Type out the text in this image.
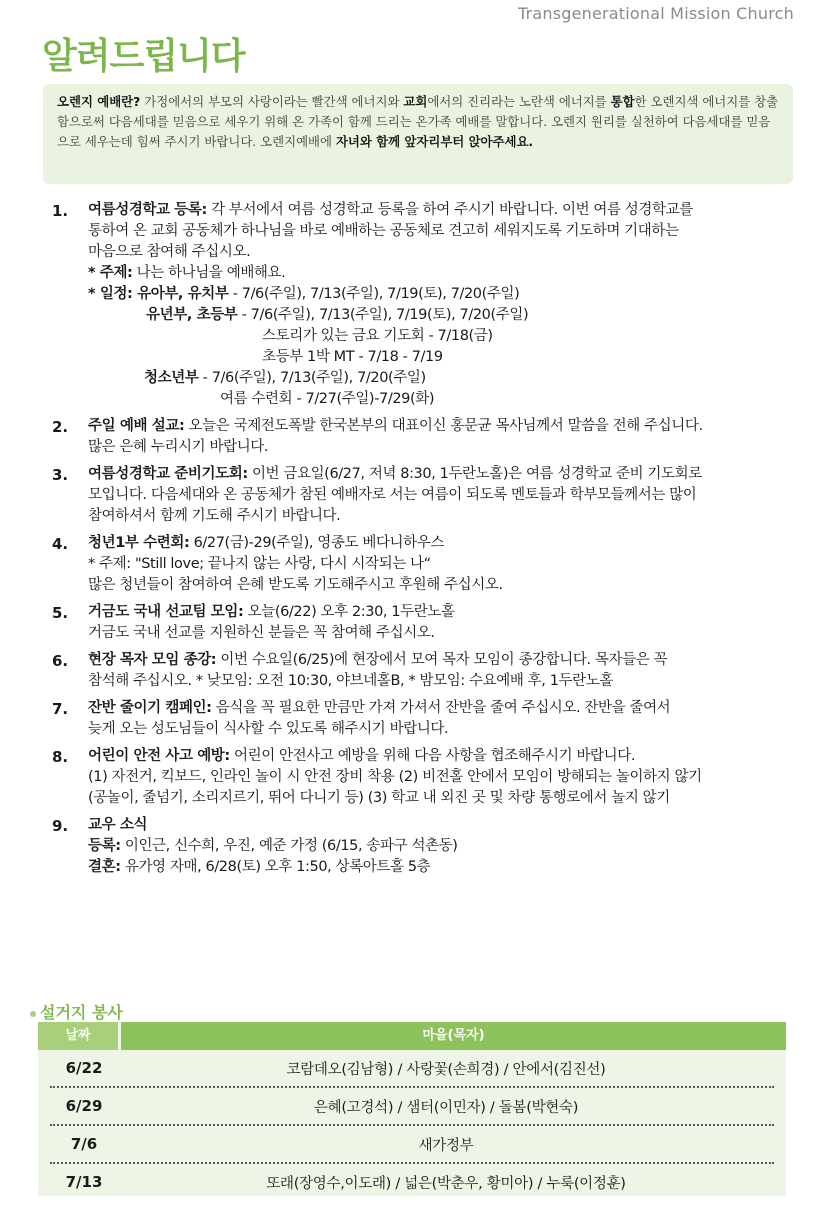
Transgenerational Mission Church
알려드립니다
오렌지 예배란? 가정에서의 부모의 사랑이라는 빨간색 에너지와 교회에서의 진리라는 노란색 에너지를 통합한 오렌지색 에너지를 창출함으로써 다음세대를 믿음으로 세우기 위해 온 가족이 함께 드리는 온가족 예배를 말합니다. 오렌지 원리를 실천하여 다음세대를 믿음으로 세우는데 힘써 주시기 바랍니다. 오렌지예배에 자녀와 함께 앞자리부터 앉아주세요.
1.	여름성경학교 등록: 각 부서에서 여름 성경학교 등록을 하여 주시기 바랍니다. 이번 여름 성경학교를
통하여 온 교회 공동체가 하나님을 바로 예배하는 공동체로 견고히 세워지도록 기도하며 기대하는
마음으로 참여해 주십시오.
* 주제: 나는 하나님을 예배해요.
* 일정: 유아부, 유치부 - 7/6(주일), 7/13(주일), 7/19(토), 7/20(주일)
유년부, 초등부 - 7/6(주일), 7/13(주일), 7/19(토), 7/20(주일)
스토리가 있는 금요 기도회 - 7/18(금)
초등부 1박 MT - 7/18 - 7/19
청소년부 - 7/6(주일), 7/13(주일), 7/20(주일)
여름 수련회 - 7/27(주일)-7/29(화)
2.	주일 예배 설교: 오늘은 국제전도폭발 한국본부의 대표이신 홍문균 목사님께서 말씀을 전해 주십니다.
많은 은혜 누리시기 바랍니다.
3.	여름성경학교 준비기도회: 이번 금요일(6/27, 저녁 8:30, 1두란노홀)은 여름 성경학교 준비 기도회로
모입니다. 다음세대와 온 공동체가 참된 예배자로 서는 여름이 되도록 멘토들과 학부모들께서는 많이
참여하셔서 함께 기도해 주시기 바랍니다.
4.	청년1부 수련회: 6/27(금)-29(주일), 영종도 베다니하우스
* 주제: "Still love; 끝나지 않는 사랑, 다시 시작되는 나“
많은 청년들이 참여하여 은혜 받도록 기도해주시고 후원해 주십시오.
5.	거금도 국내 선교팀 모임: 오늘(6/22) 오후 2:30, 1두란노홀
거금도 국내 선교를 지원하신 분들은 꼭 참여해 주십시오.
6.	현장 목자 모임 종강: 이번 수요일(6/25)에 현장에서 모여 목자 모임이 종강합니다. 목자들은 꼭
참석해 주십시오. * 낮모임: 오전 10:30, 야브네홀B, * 밤모임: 수요예배 후, 1두란노홀
7.	잔반 줄이기 캠페인: 음식을 꼭 필요한 만큼만 가져 가셔서 잔반을 줄여 주십시오. 잔반을 줄여서
늦게 오는 성도님들이 식사할 수 있도록 해주시기 바랍니다.
8.	어린이 안전 사고 예방: 어린이 안전사고 예방을 위해 다음 사항을 협조해주시기 바랍니다.
(1) 자전거, 킥보드, 인라인 놀이 시 안전 장비 착용 (2) 비전홀 안에서 모임이 방해되는 놀이하지 않기
(공놀이, 줄넘기, 소리지르기, 뛰어 다니기 등) (3) 학교 내 외진 곳 및 차량 통행로에서 놀지 않기
9.	교우 소식
등록: 이인근, 신수희, 우진, 예준 가정 (6/15, 송파구 석촌동)
결혼: 유가영 자매, 6/28(토) 오후 1:50, 상록아트홀 5층
설거지 봉사
날짜	마을(목자)
6/22	코람데오(김남형) / 사랑꽃(손희경) / 안에서(김진선)
6/29	은혜(고경석) / 샘터(이민자) / 돌봄(박현숙)
7/6	새가정부
7/13	또래(장영수,이도래) / 넓은(박춘우, 황미아) / 누룩(이정훈)
